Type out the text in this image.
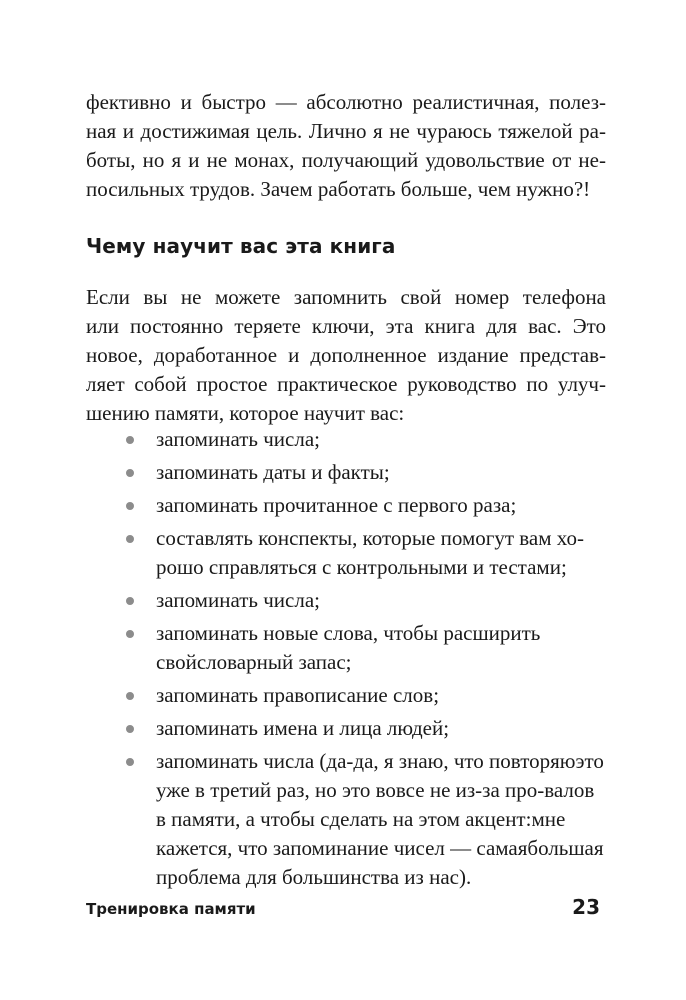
фективно и быстро — абсолютно реалистичная, полез-
ная и достижимая цель. Лично я не чураюсь тяжелой ра-
боты, но я и не монах, получающий удовольствие от не-
посильных трудов. Зачем работать больше, чем нужно?!
Чему научит вас эта книга
Если вы не можете запомнить свой номер телефона
или постоянно теряете ключи, эта книга для вас. Это
новое, доработанное и дополненное издание представ-
ляет собой простое практическое руководство по улуч-
шению памяти, которое научит вас:
запоминать числа;
запоминать даты и факты;
запоминать прочитанное с первого раза;
составлять конспекты, которые помогут вам хо-рошо справляться с контрольными и тестами;
запоминать числа;
запоминать новые слова, чтобы расширить свойсловарный запас;
запоминать правописание слов;
запоминать имена и лица людей;
запоминать числа (да-да, я знаю, что повторяюэто уже в третий раз, но это вовсе не из-за про-валов в памяти, а чтобы сделать на этом акцент:мне кажется, что запоминание чисел — самаябольшая проблема для большинства из нас).
Тренировка памяти	23
